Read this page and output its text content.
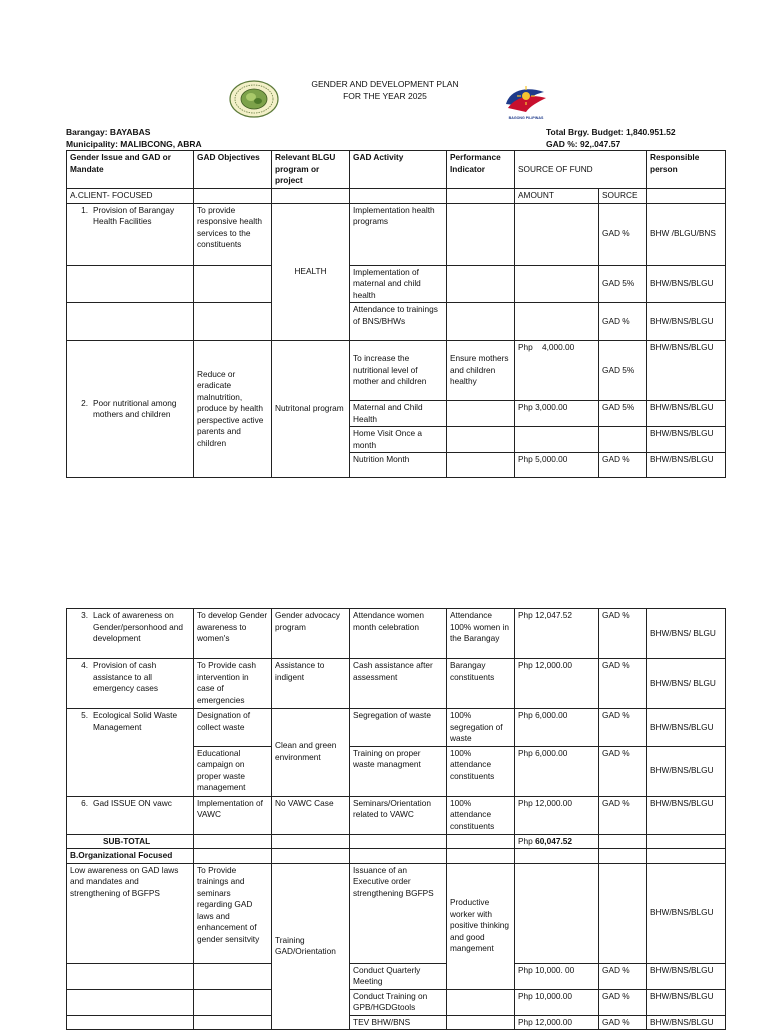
GENDER AND DEVELOPMENT PLAN
FOR THE YEAR 2025
BAGONG PILIPINAS
Barangay: BAYABAS
Municipality: MALIBCONG, ABRA
Total Brgy. Budget: 1,840.951.52
GAD %: 92,.047.57
Gender Issue and GAD or Mandate	GAD Objectives	Relevant BLGU program or project	GAD Activity	Performance Indicator	SOURCE OF FUND		Responsible person

A.CLIENT- FOCUSED					AMOUNT	SOURCE	

1. Provision of Barangay Health Facilities	To provide responsive health services to the constituents	HEALTH	Implementation health programs			GAD %	BHW /BLGU/BNS
			Implementation of maternal and child health			GAD 5%	BHW/BNS/BLGU
			Attendance to trainings of BNS/BHWs			GAD %	BHW/BNS/BLGU

2. Poor nutritional among mothers and children	Reduce or eradicate malnutrition, produce by health perspective active parents and children	Nutritonal program	To increase the nutritional level of mother and children	Ensure mothers and children healthy	Php    4,000.00	GAD 5%	BHW/BNS/BLGU
			Maternal and Child Health		Php 3,000.00	GAD 5%	BHW/BNS/BLGU
			Home Visit Once a month				BHW/BNS/BLGU
			Nutrition Month		Php 5,000.00	GAD %	BHW/BNS/BLGU
3. Lack of awareness on Gender/personhood and development	To develop Gender awareness to women's	Gender advocacy program	Attendance women month celebration	Attendance 100% women in the Barangay	Php 12,047.52	GAD %	BHW/BNS/ BLGU

4. Provision of cash assistance to all emergency cases	To Provide cash intervention in case of emergencies	Assistance to indigent	Cash assistance after assessment	Barangay constituents	Php 12,000.00	GAD %	BHW/BNS/ BLGU

5. Ecological Solid Waste Management	Designation of collect waste	Clean and green environment	Segregation of waste	100% segregation of waste	Php 6,000.00	GAD %	BHW/BNS/BLGU
	Educational campaign on proper waste management		Training on proper waste managment	100% attendance constituents	Php 6,000.00	GAD %	BHW/BNS/BLGU

6. Gad ISSUE ON vawc	Implementation of VAWC	No VAWC Case	Seminars/Orientation related to VAWC	100% attendance constituents	Php 12,000.00	GAD %	BHW/BNS/BLGU
SUB-TOTAL					Php 60,047.52		
B.Organizational Focused							
Low awareness on GAD laws and mandates and strengthening of BGFPS	To Provide trainings and seminars regarding GAD laws and enhancement of gender sensitvity	Training GAD/Orientation	Issuance of an Executive order strengthening BGFPS	Productive worker with positive thinking and good mangement			BHW/BNS/BLGU
			Conduct Quarterly Meeting		Php 10,000. 00	GAD %	BHW/BNS/BLGU
			Conduct Training on GPB/HGDGtools		Php 10,000.00	GAD %	BHW/BNS/BLGU
			TEV BHW/BNS		Php 12,000.00	GAD %	BHW/BNS/BLGU
